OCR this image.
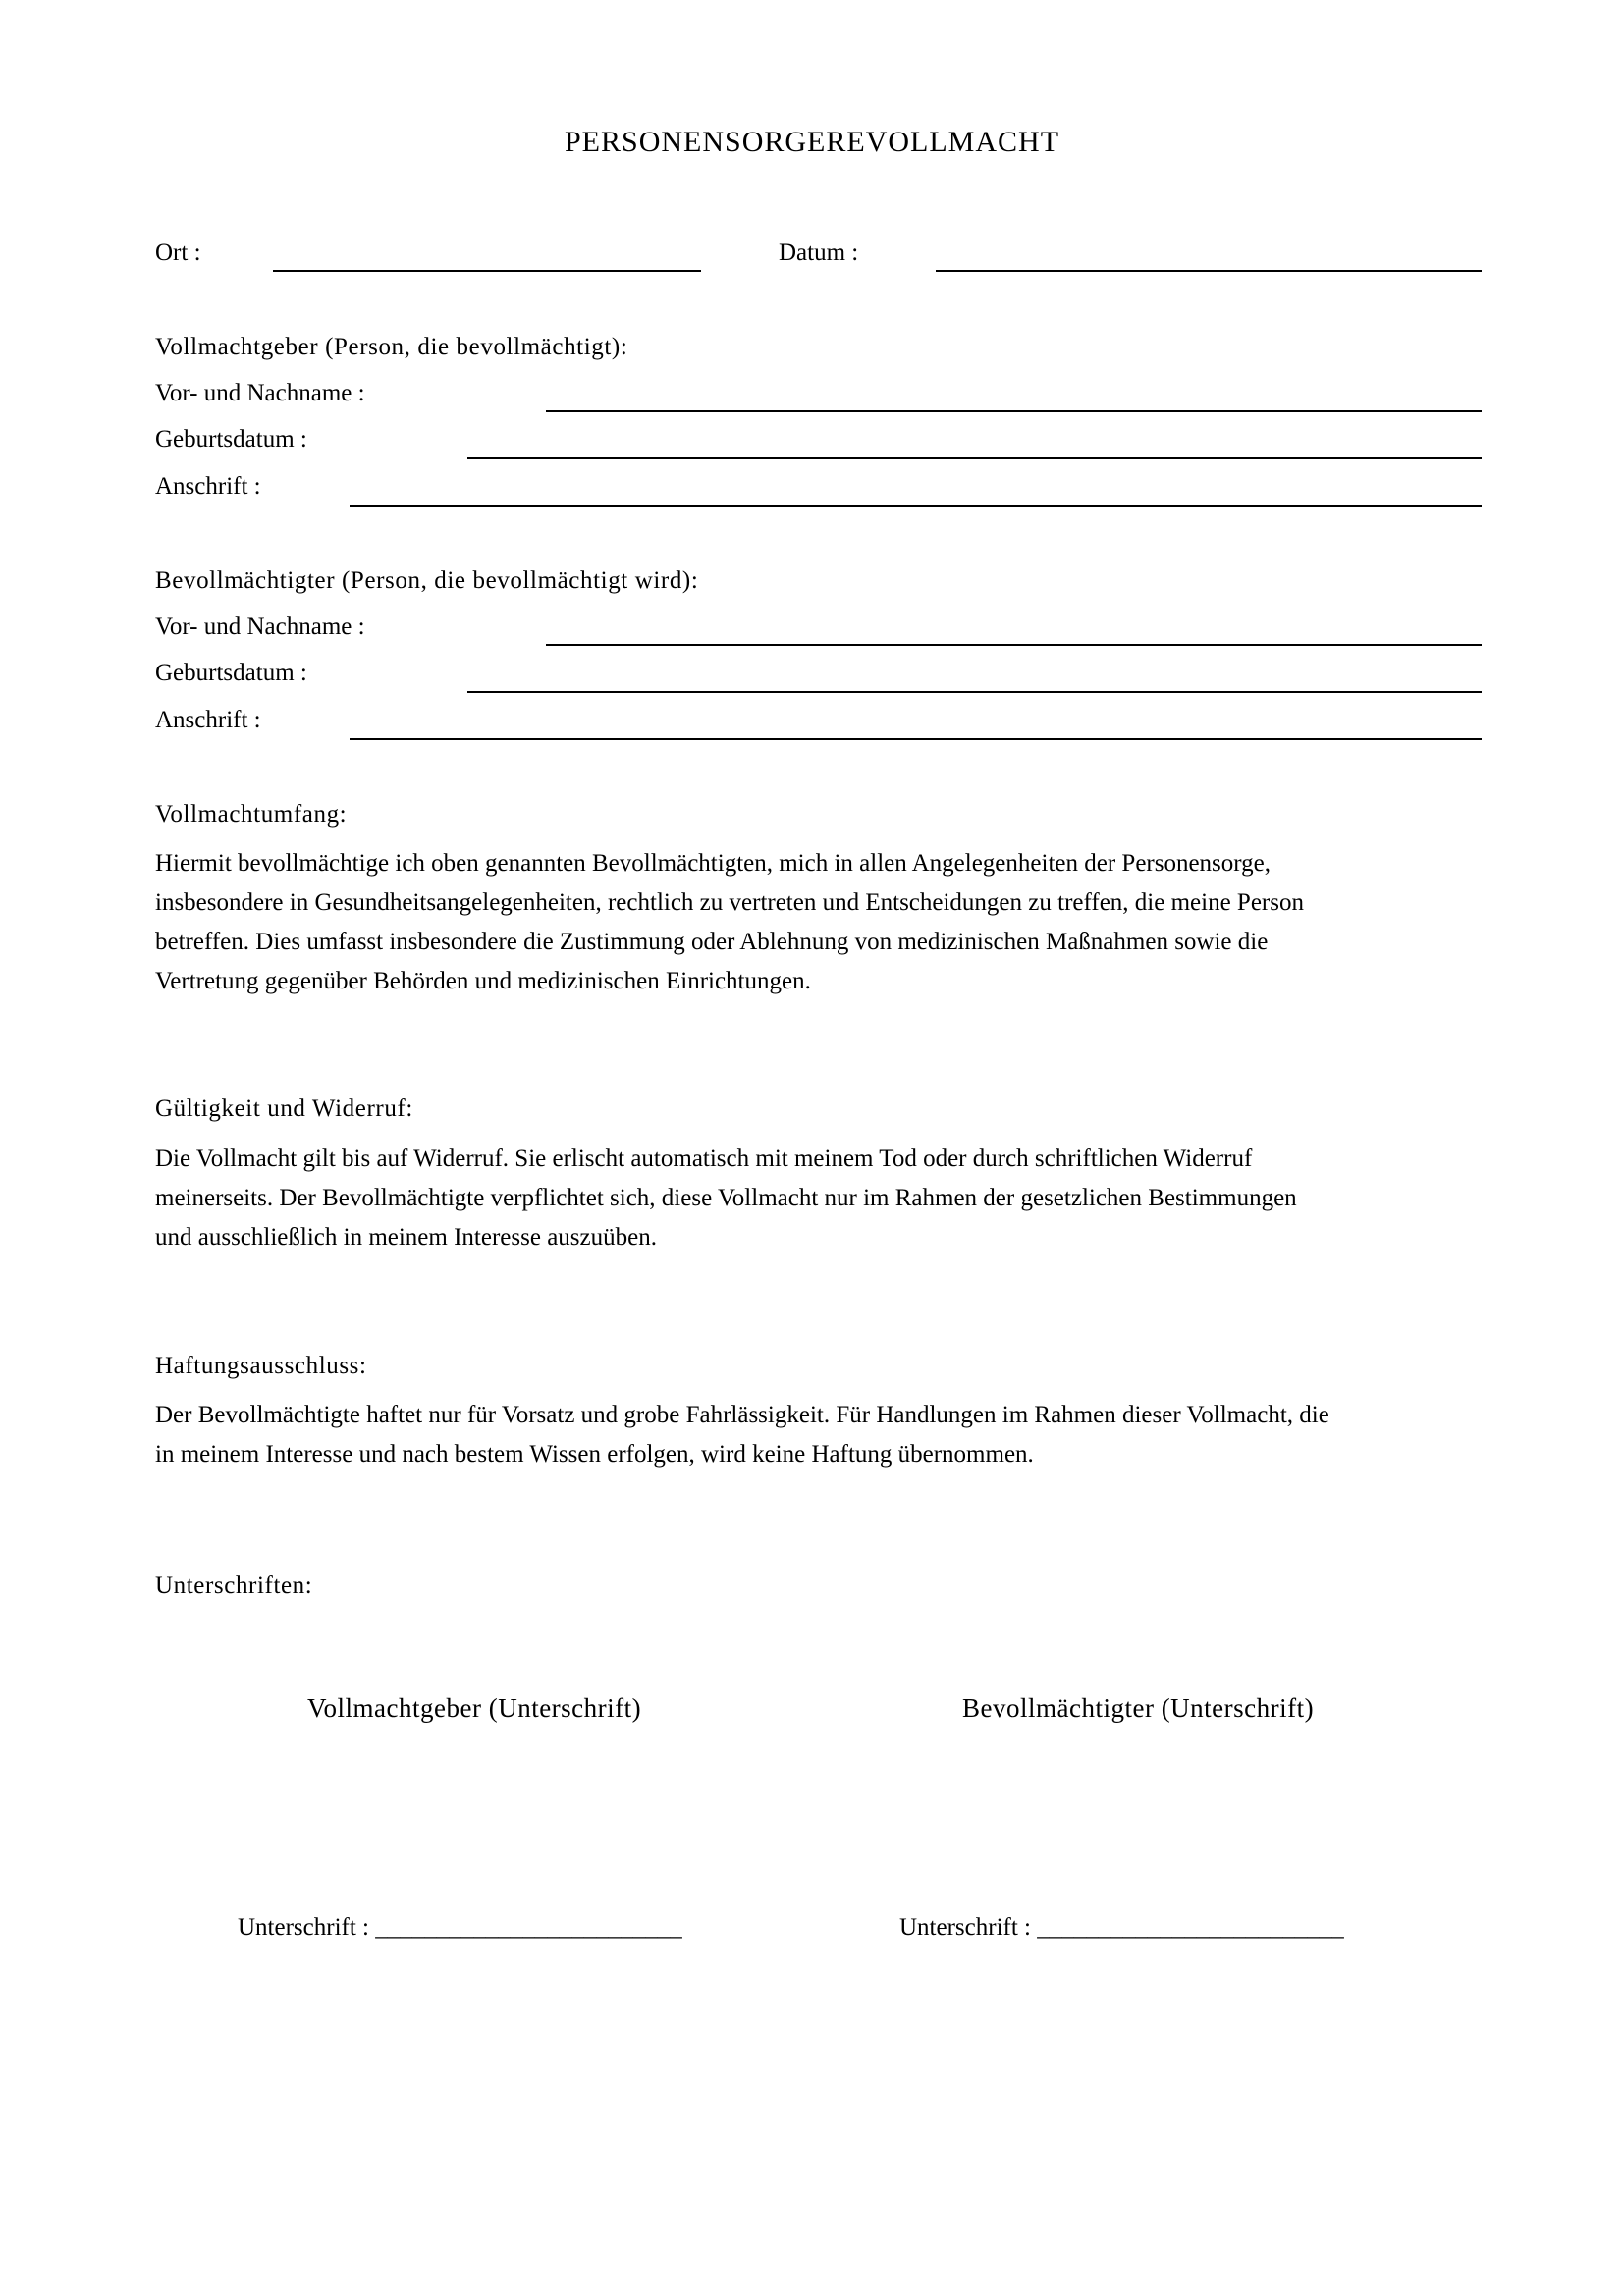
PERSONENSORGEREVOLLMACHT
Ort :	Datum :
Vollmachtgeber (Person, die bevollmächtigt):
Vor- und Nachname :
Geburtsdatum :
Anschrift :
Bevollmächtigter (Person, die bevollmächtigt wird):
Vor- und Nachname :
Geburtsdatum :
Anschrift :
Vollmachtumfang:
Hiermit bevollmächtige ich oben genannten Bevollmächtigten, mich in allen Angelegenheiten der Personensorge,
insbesondere in Gesundheitsangelegenheiten, rechtlich zu vertreten und Entscheidungen zu treffen, die meine Person
betreffen. Dies umfasst insbesondere die Zustimmung oder Ablehnung von medizinischen Maßnahmen sowie die
Vertretung gegenüber Behörden und medizinischen Einrichtungen.
Gültigkeit und Widerruf:
Die Vollmacht gilt bis auf Widerruf. Sie erlischt automatisch mit meinem Tod oder durch schriftlichen Widerruf
meinerseits. Der Bevollmächtigte verpflichtet sich, diese Vollmacht nur im Rahmen der gesetzlichen Bestimmungen
und ausschließlich in meinem Interesse auszuüben.
Haftungsausschluss:
Der Bevollmächtigte haftet nur für Vorsatz und grobe Fahrlässigkeit. Für Handlungen im Rahmen dieser Vollmacht, die
in meinem Interesse und nach bestem Wissen erfolgen, wird keine Haftung übernommen.
Unterschriften:
Vollmachtgeber (Unterschrift)	Bevollmächtigter (Unterschrift)
Unterschrift : _________________________	Unterschrift : _________________________
